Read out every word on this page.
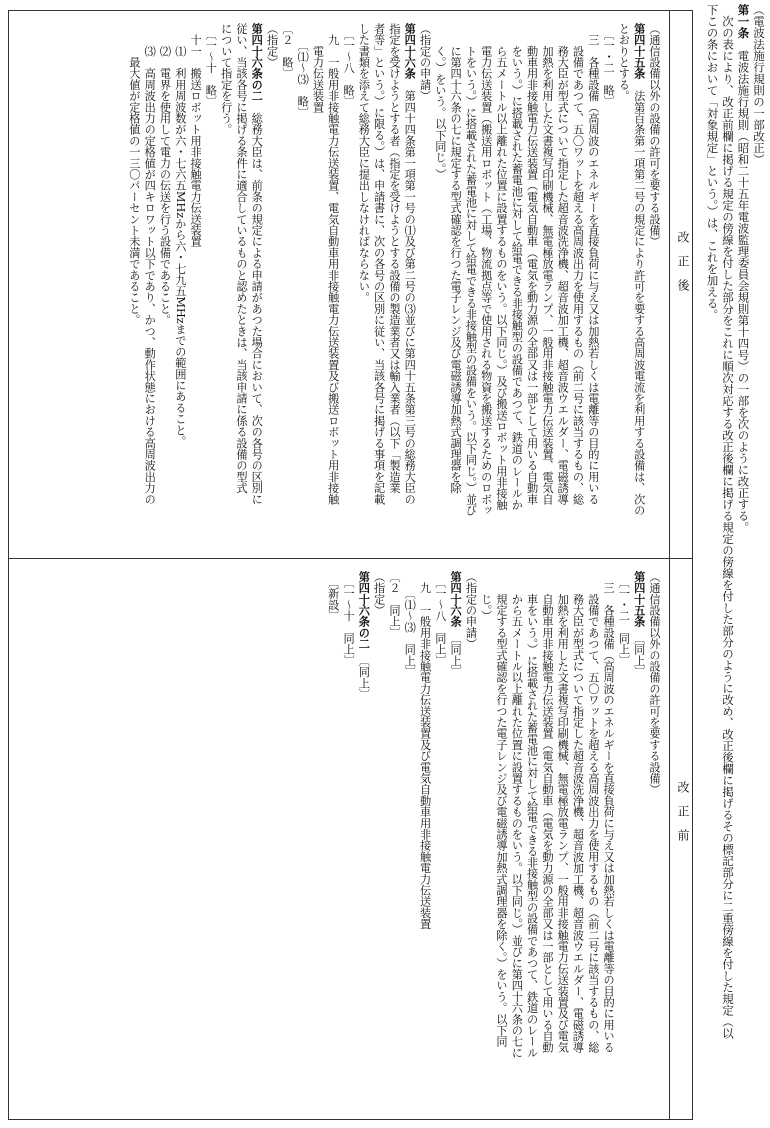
（電波法施行規則の一部改正）
第一条　電波法施行規則（昭和二十五年電波監理委員会規則第十四号）の一部を次のように改正する。
　次の表により、改正前欄に掲げる規定の傍線を付した部分をこれに順次対応する改正後欄に掲げる規定の傍線を付した部分のように改め、改正後欄に掲げるその標記部分に二重傍線を付した規定（以
下この条において「対象規定」という。）は、これを加える。
改　正　後
改　正　前
（通信設備以外の設備の許可を要する設備）
第四十五条　法第百条第一項第二号の規定により許可を要する高周波電流を利用する設備は、次の
とおりとする。
　〔一・二　略〕
　三　各種設備（高周波のエネルギーを直接負荷に与え又は加熱若しくは電離等の目的に用いる
　　設備であつて、五〇ワットを超える高周波出力を使用するもの（前二号に該当するもの、総
　　務大臣が型式について指定した超音波洗浄機、超音波加工機、超音波ウエルダー、電磁誘導
　　加熱を利用した文書複写印刷機械、無電極放電ランプ、一般用非接触電力伝送装置、電気自
　　動車用非接触電力伝送装置（電気自動車（電気を動力源の全部又は一部として用いる自動車
　　をいう。）に搭載された蓄電池に対して給電できる非接触型の設備であつて、鉄道のレールか
　　ら五メートル以上離れた位置に設置するものをいう。以下同じ。）及び搬送ロボット用非接触
　　電力伝送装置（搬送用ロボット（工場、物流拠点等で使用される物資を搬送するためのロボッ
　　トをいう。）に搭載された蓄電池に対して給電できる非接触型の設備をいう。以下同じ。）並び
　　に第四十六条の七に規定する型式確認を行つた電子レンジ及び電磁誘導加熱式調理器を除
　　く。）をいう。以下同じ。）
（指定の申請）
第四十六条　第四十四条第一項第一号の⑴及び第二号の⑶並びに第四十五条第三号の総務大臣の
指定を受けようとする者（指定を受けようとする設備の製造業者又は輸入業者（以下「製造業
者等」という。）に限る。）は、申請書に、次の各号の区別に従い、当該各号に掲げる事項を記載
した書類を添えて総務大臣に提出しなければならない。
　〔一～八　略〕
　九　一般用非接触電力伝送装置、電気自動車用非接触電力伝送装置及び搬送ロボット用非接触
　　電力伝送装置
　　〔⑴～⑶　略〕
〔２　略〕
（指定）
第四十六条の二　総務大臣は、前条の規定による申請があつた場合において、次の各号の区別に
従い、当該各号に掲げる条件に適合しているものと認めたときは、当該申請に係る設備の型式
について指定を行う。
　〔一～十　略〕
　十一　搬送ロボット用非接触電力伝送装置
　　⑴　利用周波数が六・七六五MHzから六・七九五MHzまでの範囲にあること。
　　⑵　電界を使用して電力の伝送を行う設備であること。
　　⑶　高周波出力の定格値が四キロワット以下であり、かつ、動作状態における高周波出力の
　　　最大値が定格値の一三〇パーセント未満であること。
（通信設備以外の設備の許可を要する設備）
第四十五条　〔同上〕
　〔一・二　同上〕
　三　各種設備（高周波のエネルギーを直接負荷に与え又は加熱若しくは電離等の目的に用いる
　　設備であつて、五〇ワットを超える高周波出力を使用するもの（前二号に該当するもの、総
　　務大臣が型式について指定した超音波洗浄機、超音波加工機、超音波ウエルダー、電磁誘導
　　加熱を利用した文書複写印刷機械、無電極放電ランプ、一般用非接触電力伝送装置及び電気
　　自動車用非接触電力伝送装置（電気自動車（電気を動力源の全部又は一部として用いる自動
　　車をいう。）に搭載された蓄電池に対して給電できる非接触型の設備であつて、鉄道のレール
　　から五メートル以上離れた位置に設置するものをいう。以下同じ。）並びに第四十六条の七に
　　規定する型式確認を行つた電子レンジ及び電磁誘導加熱式調理器を除く。）をいう。以下同
　　じ。）
（指定の申請）
第四十六条　〔同上〕
　〔一～八　同上〕
　九　一般用非接触電力伝送装置及び電気自動車用非接触電力伝送装置
　　〔⑴～⑶　同上〕
〔２　同上〕
（指定）
第四十六条の二　〔同上〕
　〔一～十　同上〕
　〔新設〕
